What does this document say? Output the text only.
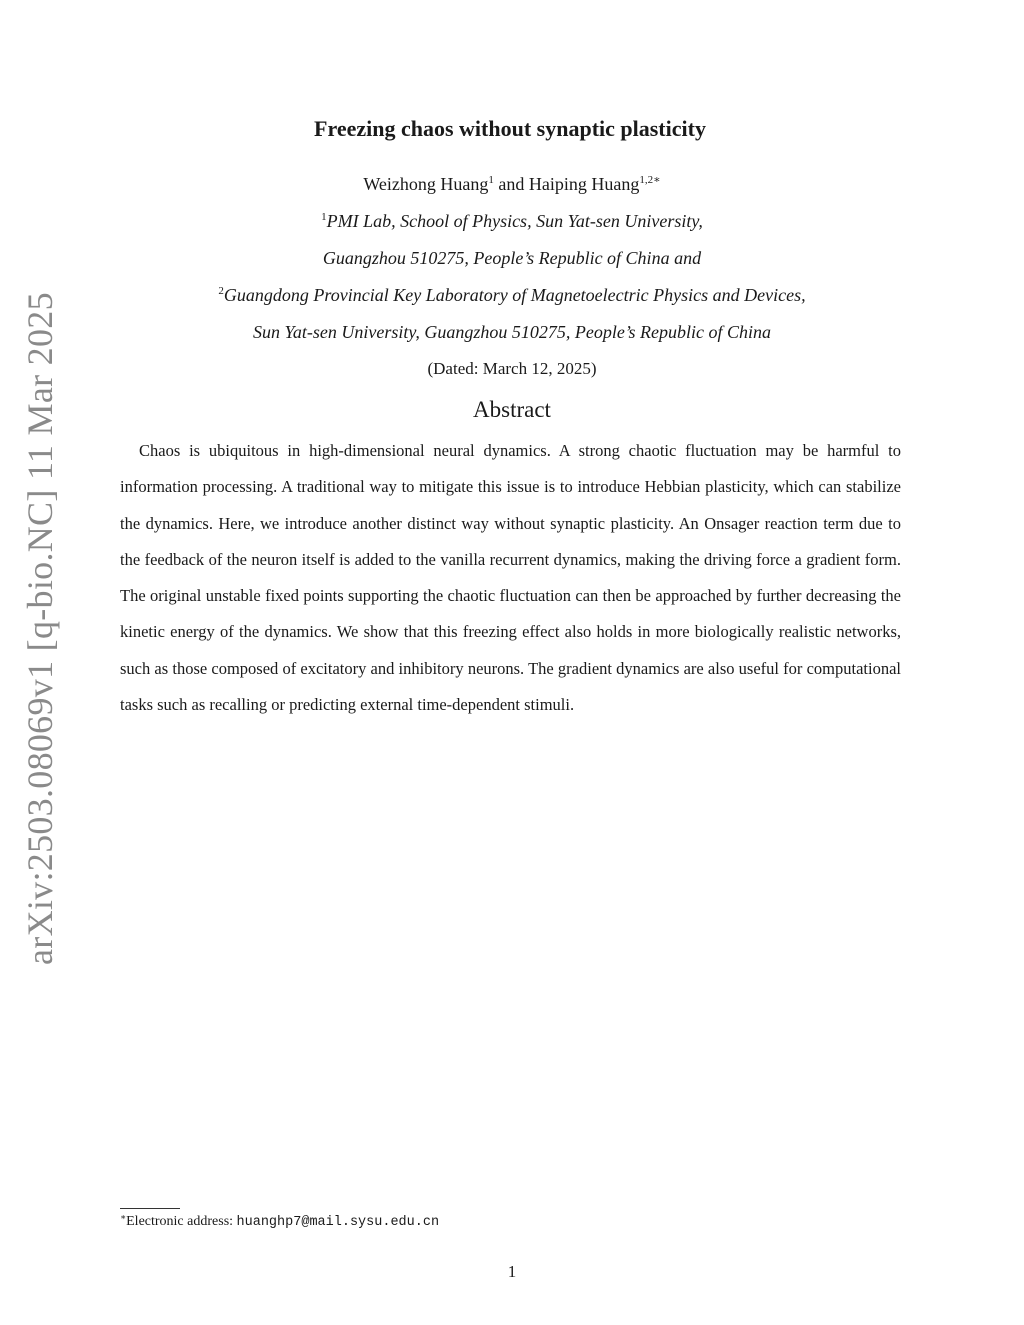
arXiv:2503.08069v1 [q-bio.NC] 11 Mar 2025
Freezing chaos without synaptic plasticity
Weizhong Huang$^1$ and Haiping Huang$^{1,2∗}$
$^1$PMI Lab, School of Physics, Sun Yat-sen University,
Guangzhou 510275, People’s Republic of China and
$^2$Guangdong Provincial Key Laboratory of Magnetoelectric Physics and Devices,
Sun Yat-sen University, Guangzhou 510275, People’s Republic of China
(Dated: March 12, 2025)
Abstract

Chaos is ubiquitous in high-dimensional neural dynamics. A strong chaotic fluctuation may be harmful to information processing. A traditional way to mitigate this issue is to introduce Hebbian plasticity, which can stabilize the dynamics. Here, we introduce another distinct way without synaptic plasticity. An Onsager reaction term due to the feedback of the neuron itself is added to the vanilla recurrent dynamics, making the driving force a gradient form. The original unstable fixed points supporting the chaotic fluctuation can then be approached by further decreasing the kinetic energy of the dynamics. We show that this freezing effect also holds in more biologically realistic networks, such as those composed of excitatory and inhibitory neurons. The gradient dynamics are also useful for computational tasks such as recalling or predicting external time-dependent stimuli.

∗Electronic address: huanghp7@mail.sysu.edu.cn
1
